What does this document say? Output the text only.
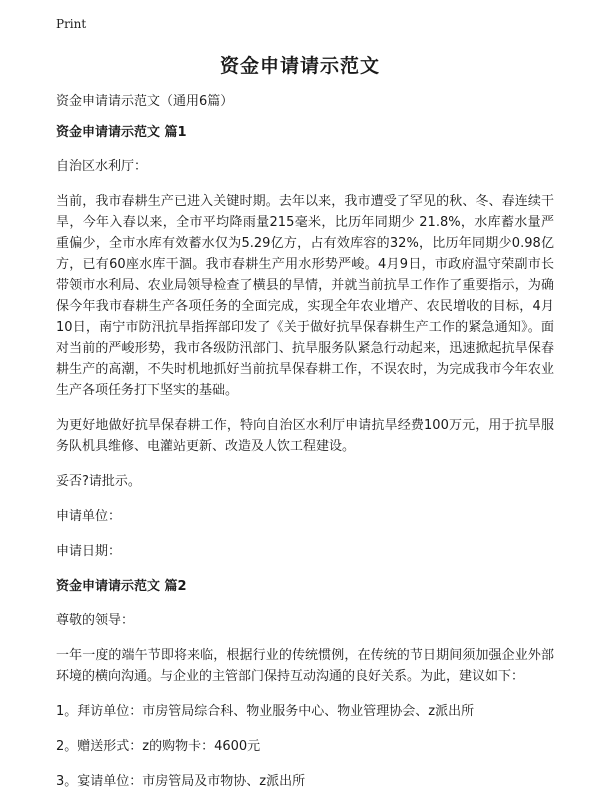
Print
资金申请请示范文

资金申请请示范文（通用6篇）

资金申请请示范文 篇1

自治区水利厅：

当前，我市春耕生产已进入关键时期。去年以来，我市遭受了罕见的秋、冬、春连续干旱，今年入春以来，全市平均降雨量215毫米，比历年同期少 21.8%，水库蓄水量严重偏少，全市水库有效蓄水仅为5.29亿方，占有效库容的32%，比历年同期少0.98亿方，已有60座水库干涸。我市春耕生产用水形势严峻。4月9日，市政府温守荣副市长带领市水利局、农业局领导检查了横县的旱情，并就当前抗旱工作作了重要指示，为确保今年我市春耕生产各项任务的全面完成，实现全年农业增产、农民增收的目标，4月10日，南宁市防汛抗旱指挥部印发了《关于做好抗旱保春耕生产工作的紧急通知》。面对当前的严峻形势，我市各级防汛部门、抗旱服务队紧急行动起来，迅速掀起抗旱保春耕生产的高潮，不失时机地抓好当前抗旱保春耕工作，不误农时，为完成我市今年农业生产各项任务打下坚实的基础。

为更好地做好抗旱保春耕工作，特向自治区水利厅申请抗旱经费100万元，用于抗旱服务队机具维修、电灌站更新、改造及人饮工程建设。

妥否?请批示。

申请单位：

申请日期：

资金申请请示范文 篇2

尊敬的领导：

一年一度的端午节即将来临，根据行业的传统惯例，在传统的节日期间须加强企业外部环境的横向沟通。与企业的主管部门保持互动沟通的良好关系。为此，建议如下：

1。拜访单位：市房管局综合科、物业服务中心、物业管理协会、z派出所

2。赠送形式：z的购物卡：4600元

3。宴请单位：市房管局及市物协、z派出所
